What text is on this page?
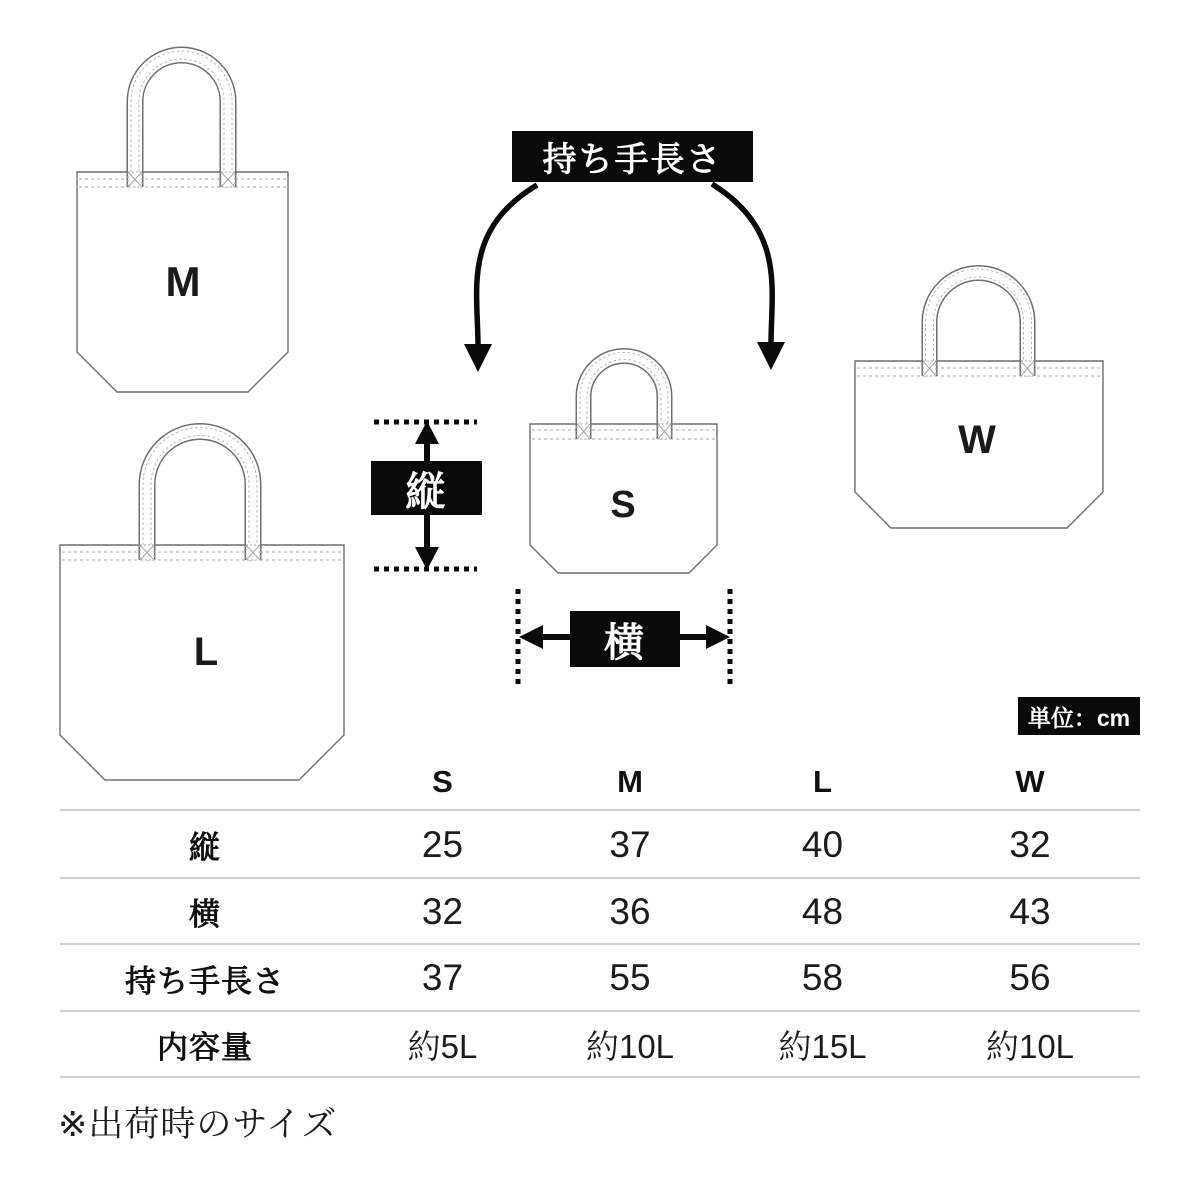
M
L
S
W
持ち手長さ
縦
横
単位：cm
S	M	L	W
縦	25	37	40	32
横	32	36	48	43
持ち手長さ	37	55	58	56
内容量	約5L	約10L	約15L	約10L
※出荷時のサイズ
